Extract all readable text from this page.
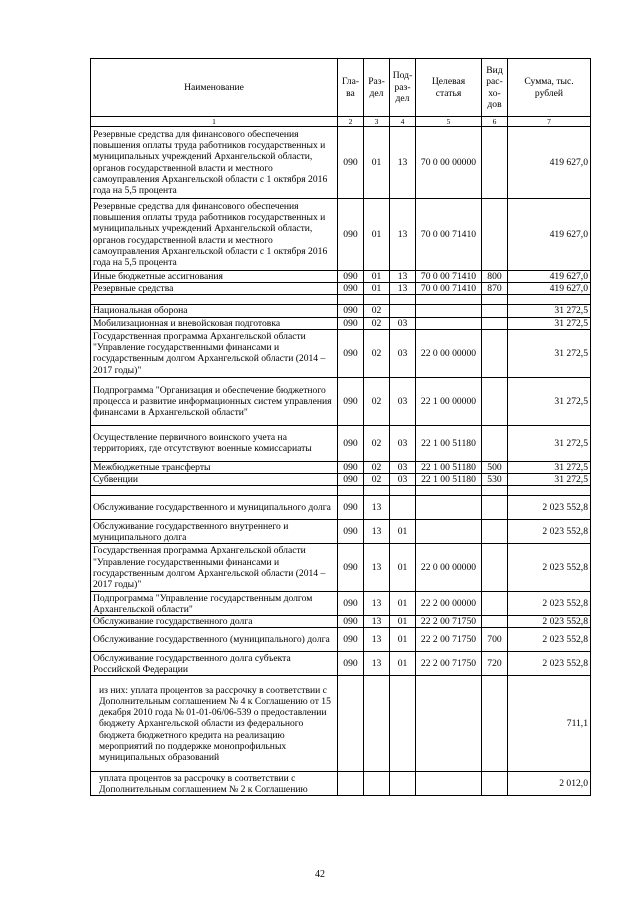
Наименование	Гла-ва	Раз-дел	Под-раз-дел	Целевая статья	Вид рас-хо-дов	Сумма, тыс. рублей
1	2	3	4	5	6	7
Резервные средства для финансового обеспечения повышения оплаты труда работников государственных и муниципальных учреждений Архангельской области, органов государственной власти и местного самоуправления Архангельской области с 1 октября 2016 года на 5,5 процента	090	01	13	70 0 00 00000		419 627,0
Резервные средства для финансового обеспечения повышения оплаты труда работников государственных и муниципальных учреждений Архангельской области, органов государственной власти и местного самоуправления Архангельской области с 1 октября 2016 года на 5,5 процента	090	01	13	70 0 00 71410		419 627,0
Иные бюджетные ассигнования	090	01	13	70 0 00 71410	800	419 627,0
Резервные средства	090	01	13	70 0 00 71410	870	419 627,0

Национальная оборона	090	02				31 272,5
Мобилизационная и вневойсковая подготовка	090	02	03			31 272,5
Государственная программа Архангельской области "Управление государственными финансами и государственным долгом Архангельской области (2014 – 2017 годы)"	090	02	03	22 0 00 00000		31 272,5
Подпрограмма "Организация и обеспечение бюджетного процесса и развитие информационных систем управления финансами в Архангельской области"	090	02	03	22 1 00 00000		31 272,5
Осуществление первичного воинского учета на территориях, где отсутствуют военные комиссариаты	090	02	03	22 1 00 51180		31 272,5
Межбюджетные трансферты	090	02	03	22 1 00 51180	500	31 272,5
Субвенции	090	02	03	22 1 00 51180	530	31 272,5

Обслуживание государственного и муниципального долга	090	13				2 023 552,8
Обслуживание государственного внутреннего и муниципального долга	090	13	01			2 023 552,8
Государственная программа Архангельской области "Управление государственными финансами и государственным долгом Архангельской области (2014 – 2017 годы)"	090	13	01	22 0 00 00000		2 023 552,8
Подпрограмма "Управление государственным долгом Архангельской области"	090	13	01	22 2 00 00000		2 023 552,8
Обслуживание государственного долга	090	13	01	22 2 00 71750		2 023 552,8
Обслуживание государственного (муниципального) долга	090	13	01	22 2 00 71750	700	2 023 552,8
Обслуживание государственного долга субъекта Российской Федерации	090	13	01	22 2 00 71750	720	2 023 552,8
из них: уплата процентов за рассрочку в соответствии с Дополнительным соглашением № 4 к Соглашению от 15 декабря 2010 года № 01-01-06/06-539 о предоставлении бюджету Архангельской области из федерального бюджета бюджетного кредита на реализацию мероприятий по поддержке монопрофильных муниципальных образований						711,1
уплата процентов за рассрочку в соответствии с Дополнительным соглашением № 2 к Соглашению						2 012,0
42
